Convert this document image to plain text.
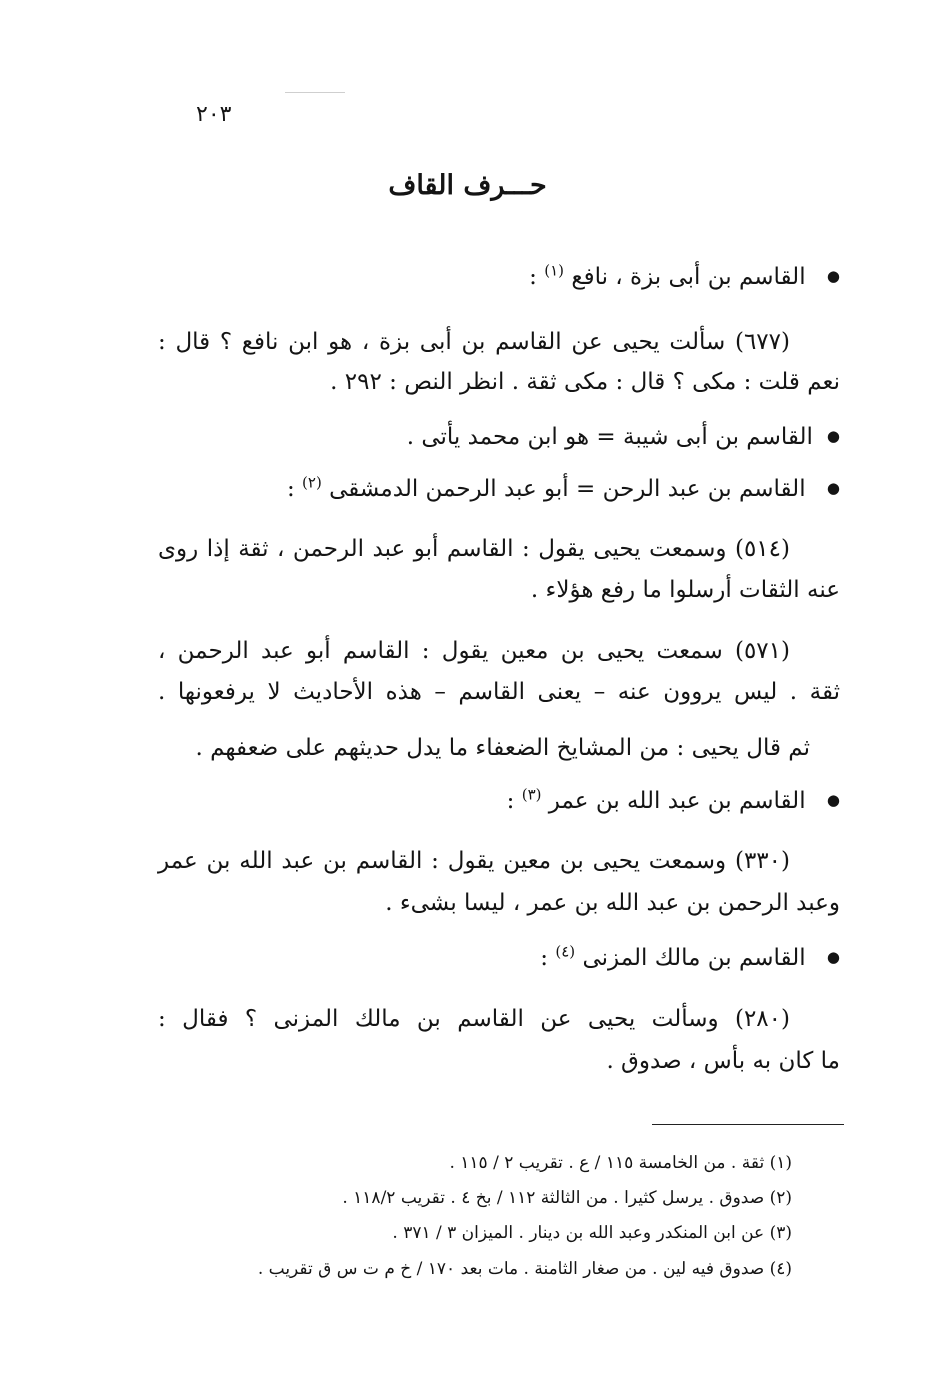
٢٠٣
حـــرف القاف
● القاسم بن أبى بزة ، نافع $^{(١)}$ :
(٦٧٧) سألت يحيى عن القاسم بن أبى بزة ، هو ابن نافع ؟ قال :
نعم قلت : مكى ؟ قال : مكى ثقة . انظر النص : ٢٩٢ .
● القاسم بن أبى شيبة = هو ابن محمد يأتى .
● القاسم بن عبد الرحن = أبو عبد الرحمن الدمشقى $^{(٢)}$ :
(٥١٤) وسمعت يحيى يقول : القاسم أبو عبد الرحمن ، ثقة إذا روى
عنه الثقات أرسلوا ما رفع هؤلاء .
(٥٧١) سمعت يحيى بن معين يقول : القاسم أبو عبد الرحمن ،
ثقة . ليس يروون عنه – يعنى القاسم – هذه الأحاديث لا يرفعونها .
ثم قال يحيى : من المشايخ الضعفاء ما يدل حديثهم على ضعفهم .
● القاسم بن عبد الله بن عمر $^{(٣)}$ :
(٣٣٠) وسمعت يحيى بن معين يقول : القاسم بن عبد الله بن عمر
وعبد الرحمن بن عبد الله بن عمر ، ليسا بشىء .
● القاسم بن مالك المزنى $^{(٤)}$ :
(٢٨٠) وسألت يحيى عن القاسم بن مالك المزنى ؟ فقال :
ما كان به بأس ، صدوق .
(١) ثقة . من الخامسة ١١٥ / ع . تقريب ٢ / ١١٥ .
(٢) صدوق . يرسل كثيرا . من الثالثة ١١٢ / بخ ٤ . تقريب ١١٨/٢ .
(٣) عن ابن المنكدر وعبد الله بن دينار . الميزان ٣ / ٣٧١ .
(٤) صدوق فيه لين . من صغار الثامنة . مات بعد ١٧٠ / خ م ت س ق تقريب .
